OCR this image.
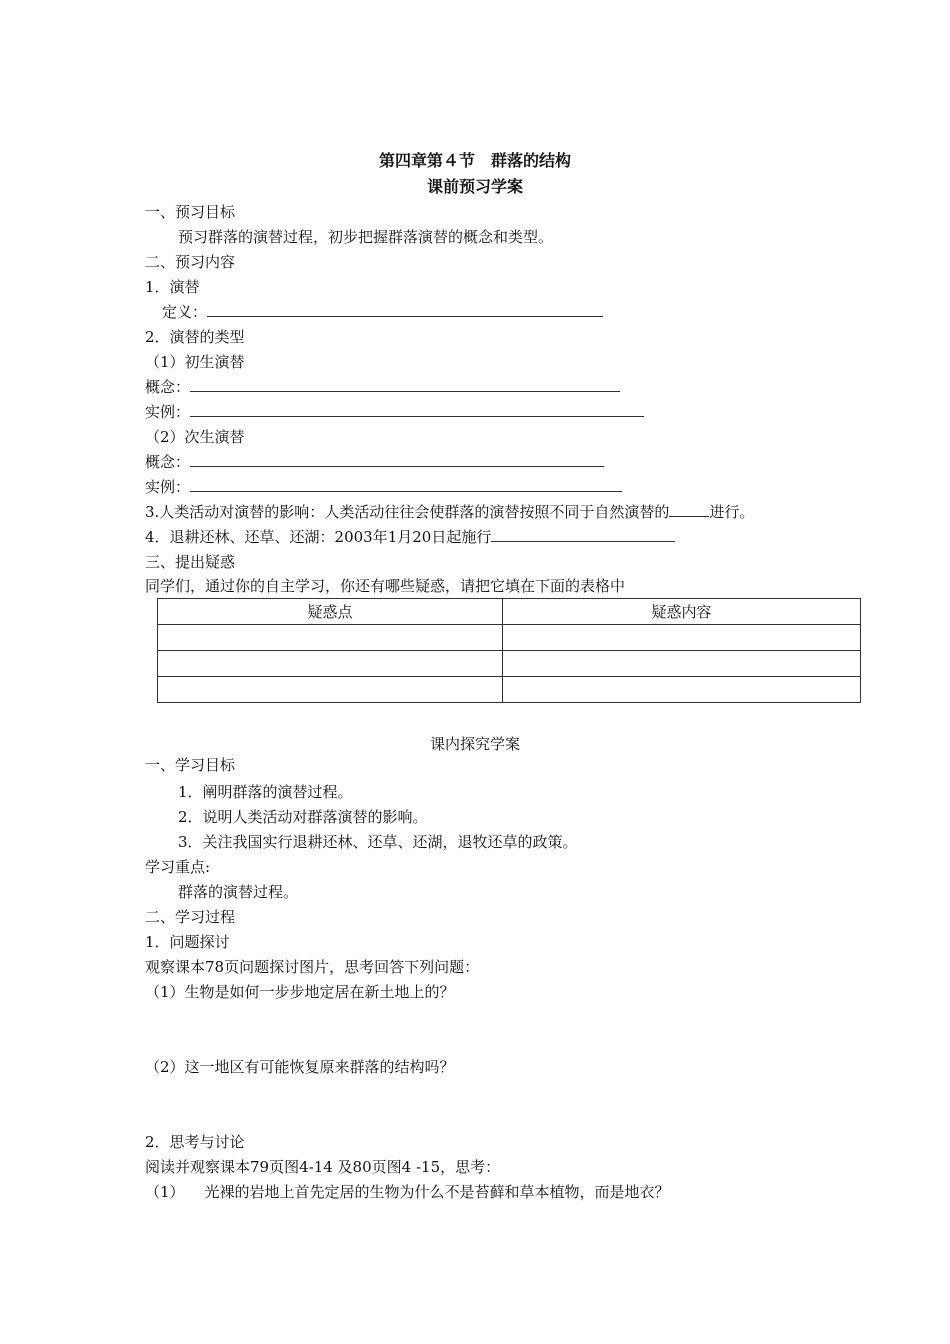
第四章第４节　群落的结构
课前预习学案
一、预习目标
预习群落的演替过程，初步把握群落演替的概念和类型。
二、预习内容
1．演替
定义：
2．演替的类型
（1）初生演替
概念：
实例：
（2）次生演替
概念：
实例：
3.人类活动对演替的影响：人类活动往往会使群落的演替按照不同于自然演替的	进行。
4．退耕还林、还草、还湖：2003年1月20日起施行
三、提出疑惑
同学们，通过你的自主学习，你还有哪些疑惑，请把它填在下面的表格中
疑惑点	疑惑内容

课内探究学案
一、学习目标
1．阐明群落的演替过程。
2．说明人类活动对群落演替的影响。
3．关注我国实行退耕还林、还草、还湖，退牧还草的政策。
学习重点:
群落的演替过程。
二、学习过程
1．问题探讨
观察课本78页问题探讨图片，思考回答下列问题：
（1）生物是如何一步步地定居在新土地上的？
（2）这一地区有可能恢复原来群落的结构吗？
2．思考与讨论
阅读并观察课本79页图4-14 及80页图4 -15，思考：
（1） 光裸的岩地上首先定居的生物为什么不是苔藓和草本植物，而是地衣？
